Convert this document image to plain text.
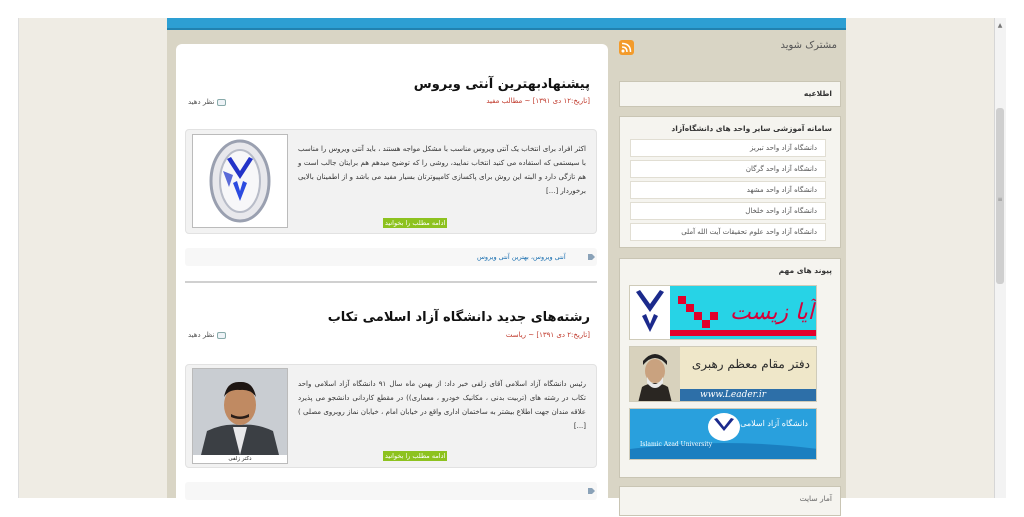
پیشنهادبهترین آنتی ویروس
[تاریخ:۱۲ دی ۱۳۹۱] ~ مطالب مفید
نظر دهید
اکثر افراد برای انتخاب یک آنتی ویروس مناسب با مشکل مواجه هستند ، باید آنتی ویروس را مناسب با سیستمی که استفاده می کنید انتخاب نمایید، روشی را که توضیح میدهم هم برایتان جالب است و هم تازگی دارد و البته این روش برای پاکسازی کامپیوترتان بسیار مفید می باشد و از اطمینان بالایی برخوردار [...]
ادامه مطلب را بخوانید
آنتی ویروس، بهترین آنتی ویروس
رشته‌های جدید دانشگاه آزاد اسلامی تکاب
[تاریخ:۲ دی ۱۳۹۱] ~ ریاست
نظر دهید
دکتر زلفی
رئیس دانشگاه آزاد اسلامی آقای زلفی خبر داد: از بهمن ماه سال ۹۱ دانشگاه آزاد اسلامی واحد تکاب در رشته های (تربیت بدنی ، مکانیک خودرو ، معماری)) در مقطع کاردانی دانشجو می پذیرد علاقه مندان جهت اطلاع بیشتر به ساختمان اداری واقع در خیابان امام ، خیابان نماز روبروی مصلی ) [...]
ادامه مطلب را بخوانید
مشترک شوید
اطلاعیه
سامانه آموزشی سایر واحد های دانشگاه‌آزاد
دانشگاه آزاد واحد تبریز
دانشگاه آزاد واحد گرگان
دانشگاه آزاد واحد مشهد
دانشگاه آزاد واحد خلخال
دانشگاه آزاد واحد علوم تحقیقات آیت الله آملی
پیوند های مهم
آیا زیست
دفتر مقام معظم رهبری
www.Leader.ir
دانشگاه آزاد اسلامی
Islamic Azad University
آمار سایت
▲
≡
